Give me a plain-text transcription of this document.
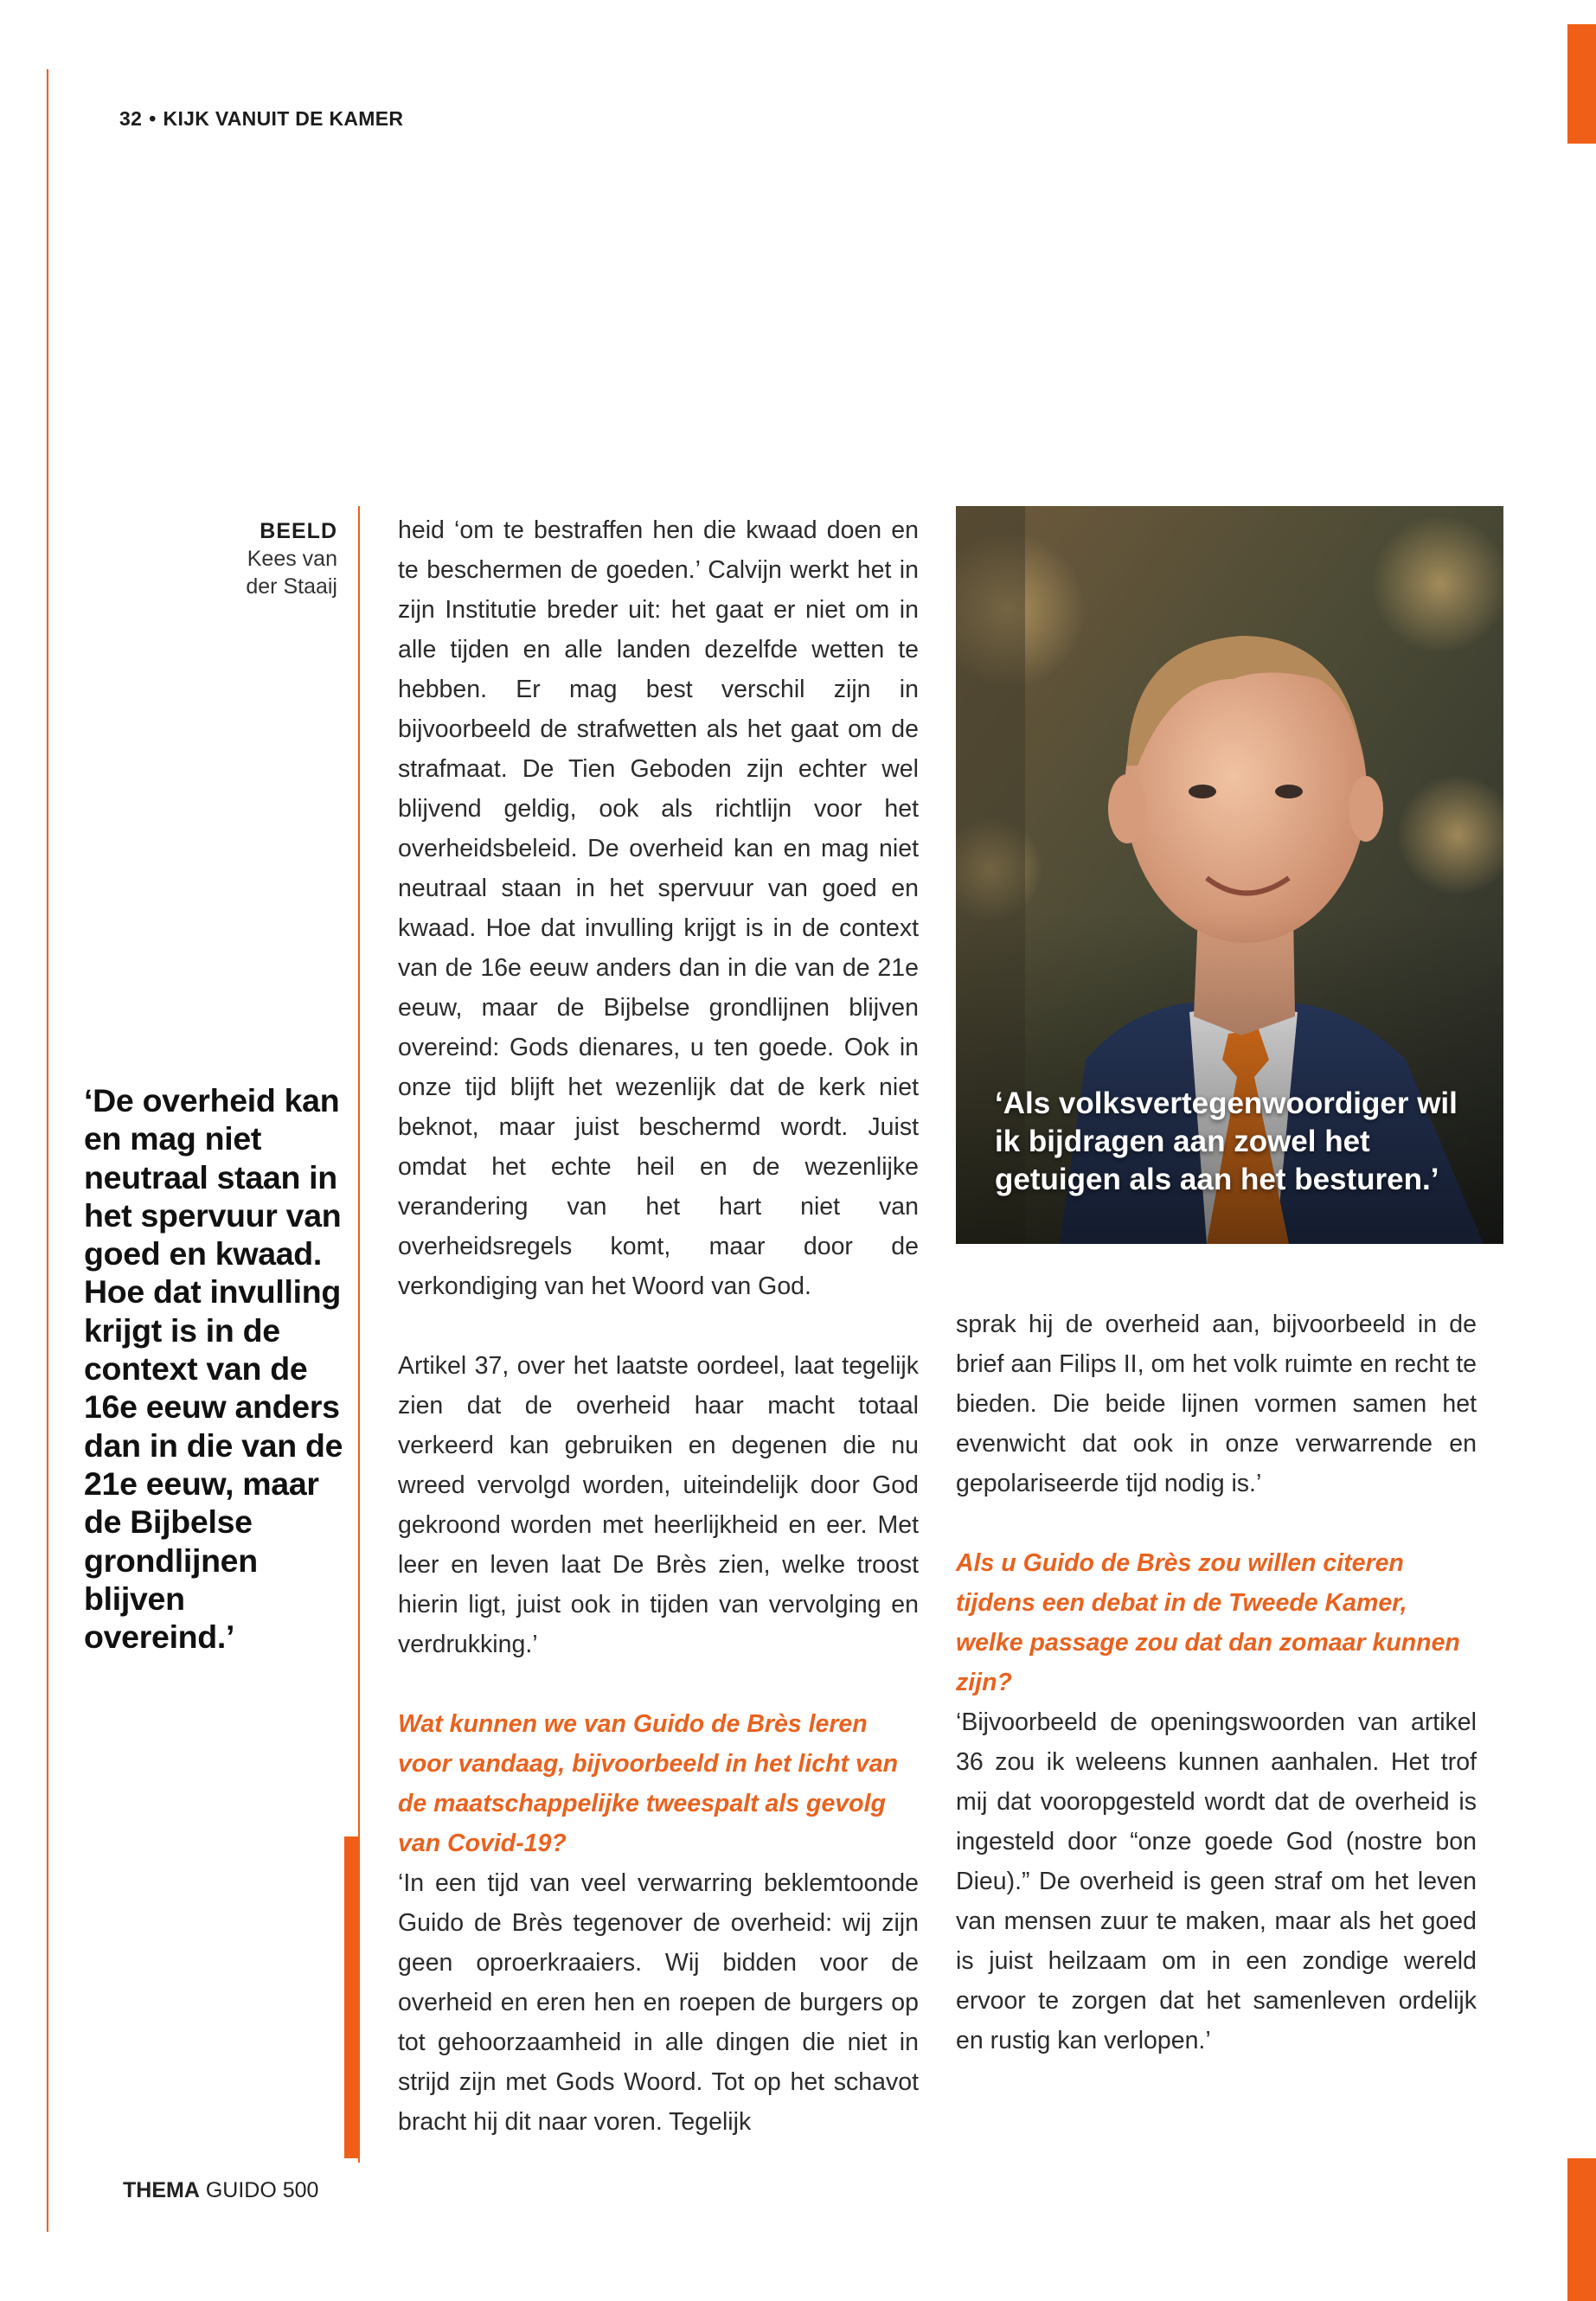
32 • KIJK VANUIT DE KAMER
BEELD
Kees van
der Staaij
‘De overheid kan en mag niet neutraal staan in het spervuur van goed en kwaad. Hoe dat invulling krijgt is in de context van de 16e eeuw anders dan in die van de 21e eeuw, maar de Bijbelse grondlijnen blijven overeind.’

heid ‘om te bestraffen hen die kwaad doen en te beschermen de goeden.’ Calvijn werkt het in zijn Institutie breder uit: het gaat er niet om in alle tijden en alle landen dezelfde wetten te hebben. Er mag best verschil zijn in bijvoorbeeld de strafwetten als het gaat om de strafmaat. De Tien Geboden zijn echter wel blijvend geldig, ook als richtlijn voor het overheidsbeleid. De overheid kan en mag niet neutraal staan in het spervuur van goed en kwaad. Hoe dat invulling krijgt is in de context van de 16e eeuw anders dan in die van de 21e eeuw, maar de Bijbelse grondlijnen blijven overeind: Gods dienares, u ten goede. Ook in onze tijd blijft het wezenlijk dat de kerk niet beknot, maar juist beschermd wordt. Juist omdat het echte heil en de wezenlijke verandering van het hart niet van overheidsregels komt, maar door de verkondiging van het Woord van God.

Artikel 37, over het laatste oordeel, laat tegelijk zien dat de overheid haar macht totaal verkeerd kan gebruiken en degenen die nu wreed vervolgd worden, uiteindelijk door God gekroond worden met heerlijkheid en eer. Met leer en leven laat De Brès zien, welke troost hierin ligt, juist ook in tijden van vervolging en verdrukking.’

Wat kunnen we van Guido de Brès leren voor vandaag, bijvoorbeeld in het licht van de maatschappelijke tweespalt als gevolg van Covid-19?

‘In een tijd van veel verwarring beklemtoonde Guido de Brès tegenover de overheid: wij zijn geen oproerkraaiers. Wij bidden voor de overheid en eren hen en roepen de burgers op tot gehoorzaamheid in alle dingen die niet in strijd zijn met Gods Woord. Tot op het schavot bracht hij dit naar voren. Tegelijk

‘Als volksvertegenwoordiger wil ik bijdragen aan zowel het getuigen als aan het besturen.’

sprak hij de overheid aan, bijvoorbeeld in de brief aan Filips II, om het volk ruimte en recht te bieden. Die beide lijnen vormen samen het evenwicht dat ook in onze verwarrende en gepolariseerde tijd nodig is.’

Als u Guido de Brès zou willen citeren tijdens een debat in de Tweede Kamer, welke passage zou dat dan zomaar kunnen zijn?

‘Bijvoorbeeld de openingswoorden van artikel 36 zou ik weleens kunnen aanhalen. Het trof mij dat vooropgesteld wordt dat de overheid is ingesteld door “onze goede God (nostre bon Dieu).” De overheid is geen straf om het leven van mensen zuur te maken, maar als het goed is juist heilzaam om in een zondige wereld ervoor te zorgen dat het samenleven ordelijk en rustig kan verlopen.’

THEMA GUIDO 500
